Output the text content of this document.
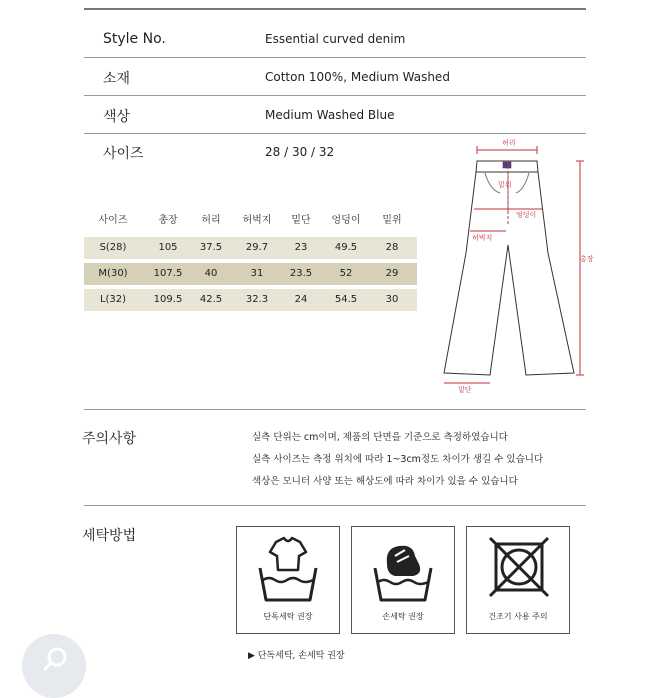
Style No.	Essential curved denim
소재	Cotton 100%, Medium Washed
색상	Medium Washed Blue
사이즈	28 / 30 / 32
사이즈	총장	허리	허벅지	밑단	엉덩이	밑위
S(28)	105	37.5	29.7	23	49.5	28
M(30)	107.5	40	31	23.5	52	29
L(32)	109.5	42.5	32.3	24	54.5	30
허리
밑위
엉덩이
허벅지
총장
밑단
주의사항	실측 단위는 cm이며, 제품의 단면을 기준으로 측정하였습니다
실측 사이즈는 측정 위치에 따라 1~3cm정도 차이가 생길 수 있습니다
색상은 모니터 사양 또는 해상도에 따라 차이가 있을 수 있습니다
세탁방법
단독세탁 권장	손세탁 권장	건조기 사용 주의
▶ 단독세탁, 손세탁 권장
